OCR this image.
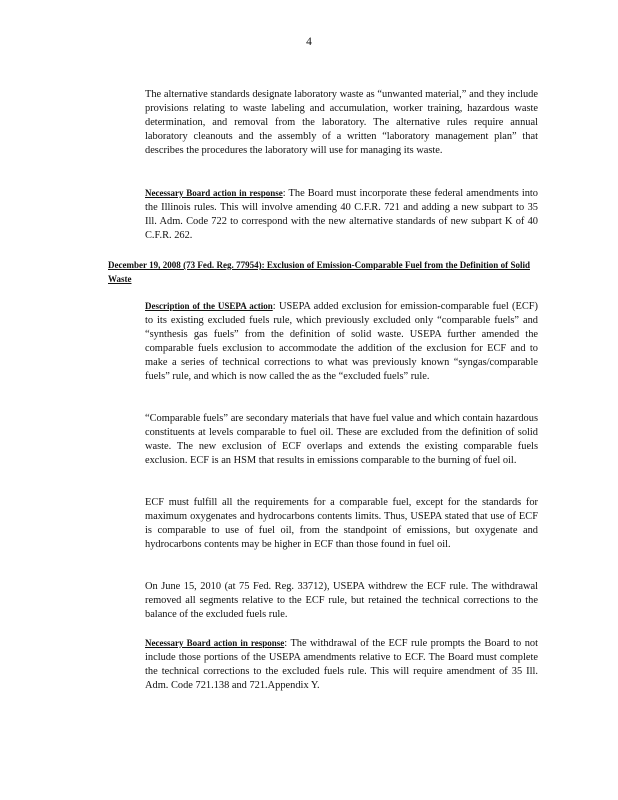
4

The alternative standards designate laboratory waste as “unwanted material,” and they include provisions relating to waste labeling and accumulation, worker training, hazardous waste determination, and removal from the laboratory. The alternative rules require annual laboratory cleanouts and the assembly of a written “laboratory management plan” that describes the procedures the laboratory will use for managing its waste.

Necessary Board action in response: The Board must incorporate these federal amendments into the Illinois rules. This will involve amending 40 C.F.R. 721 and adding a new subpart to 35 Ill. Adm. Code 722 to correspond with the new alternative standards of new subpart K of 40 C.F.R. 262.

December 19, 2008 (73 Fed. Reg. 77954): Exclusion of Emission-Comparable Fuel from the Definition of Solid Waste

Description of the USEPA action: USEPA added exclusion for emission-comparable fuel (ECF) to its existing excluded fuels rule, which previously excluded only “comparable fuels” and “synthesis gas fuels” from the definition of solid waste. USEPA further amended the comparable fuels exclusion to accommodate the addition of the exclusion for ECF and to make a series of technical corrections to what was previously known “syngas/comparable fuels” rule, and which is now called the as the “excluded fuels” rule.

“Comparable fuels” are secondary materials that have fuel value and which contain hazardous constituents at levels comparable to fuel oil. These are excluded from the definition of solid waste. The new exclusion of ECF overlaps and extends the existing comparable fuels exclusion. ECF is an HSM that results in emissions comparable to the burning of fuel oil.

ECF must fulfill all the requirements for a comparable fuel, except for the standards for maximum oxygenates and hydrocarbons contents limits. Thus, USEPA stated that use of ECF is comparable to use of fuel oil, from the standpoint of emissions, but oxygenate and hydrocarbons contents may be higher in ECF than those found in fuel oil.

On June 15, 2010 (at 75 Fed. Reg. 33712), USEPA withdrew the ECF rule. The withdrawal removed all segments relative to the ECF rule, but retained the technical corrections to the balance of the excluded fuels rule.

Necessary Board action in response: The withdrawal of the ECF rule prompts the Board to not include those portions of the USEPA amendments relative to ECF. The Board must complete the technical corrections to the excluded fuels rule. This will require amendment of 35 Ill. Adm. Code 721.138 and 721.Appendix Y.
